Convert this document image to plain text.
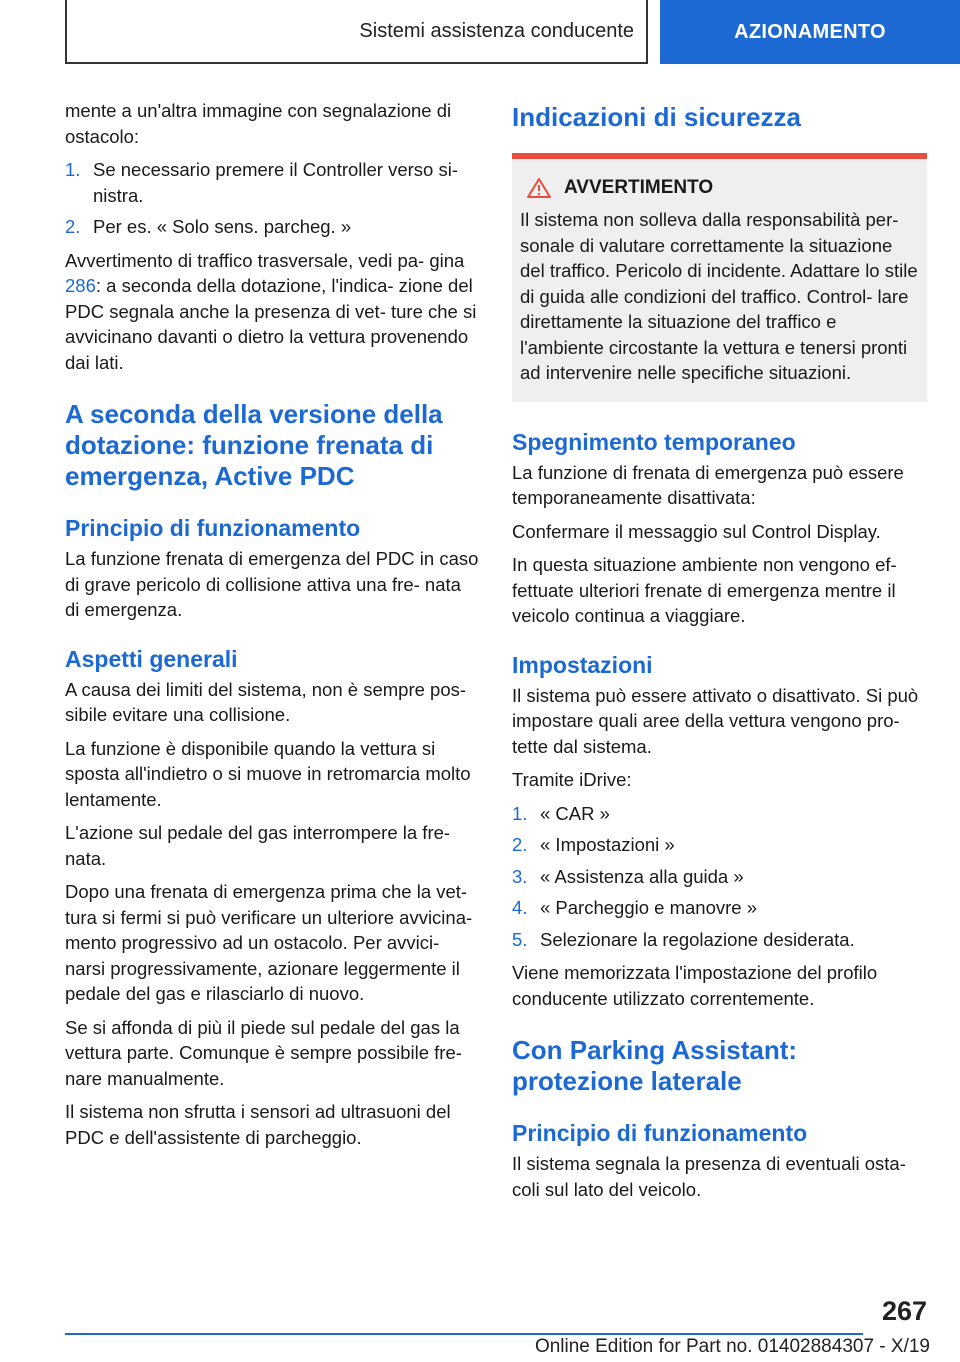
Sistemi assistenza conducente	AZIONAMENTO

mente a un'altra immagine con segnalazione di ostacolo:

1. Se necessario premere il Controller verso si- nistra.
2. Per es. « Solo sens. parcheg. »

Avvertimento di traffico trasversale, vedi pa- gina 286: a seconda della dotazione, l'indica- zione del PDC segnala anche la presenza di vet- ture che si avvicinano davanti o dietro la vettura provenendo dai lati.

A seconda della versione della dotazione: funzione frenata di emergenza, Active PDC
Principio di funzionamento

La funzione frenata di emergenza del PDC in caso di grave pericolo di collisione attiva una fre- nata di emergenza.

Aspetti generali

A causa dei limiti del sistema, non è sempre pos- sibile evitare una collisione.

La funzione è disponibile quando la vettura si sposta all'indietro o si muove in retromarcia molto lentamente.

L'azione sul pedale del gas interrompere la fre- nata.

Dopo una frenata di emergenza prima che la vet- tura si fermi si può verificare un ulteriore avvicina- mento progressivo ad un ostacolo. Per avvici- narsi progressivamente, azionare leggermente il pedale del gas e rilasciarlo di nuovo.

Se si affonda di più il piede sul pedale del gas la vettura parte. Comunque è sempre possibile fre- nare manualmente.

Il sistema non sfrutta i sensori ad ultrasuoni del PDC e dell'assistente di parcheggio.

Indicazioni di sicurezza
AVVERTIMENTO

Il sistema non solleva dalla responsabilità per- sonale di valutare correttamente la situazione del traffico. Pericolo di incidente. Adattare lo stile di guida alle condizioni del traffico. Control- lare direttamente la situazione del traffico e l'ambiente circostante la vettura e tenersi pronti ad intervenire nelle specifiche situazioni.

Spegnimento temporaneo

La funzione di frenata di emergenza può essere temporaneamente disattivata:

Confermare il messaggio sul Control Display.

In questa situazione ambiente non vengono ef- fettuate ulteriori frenate di emergenza mentre il veicolo continua a viaggiare.

Impostazioni

Il sistema può essere attivato o disattivato. Si può impostare quali aree della vettura vengono pro- tette dal sistema.

Tramite iDrive:

1. « CAR »
2. « Impostazioni »
3. « Assistenza alla guida »
4. « Parcheggio e manovre »
5. Selezionare la regolazione desiderata.

Viene memorizzata l'impostazione del profilo conducente utilizzato correntemente.

Con Parking Assistant: protezione laterale
Principio di funzionamento

Il sistema segnala la presenza di eventuali osta- coli sul lato del veicolo.

267
Online Edition for Part no. 01402884307 - X/19
